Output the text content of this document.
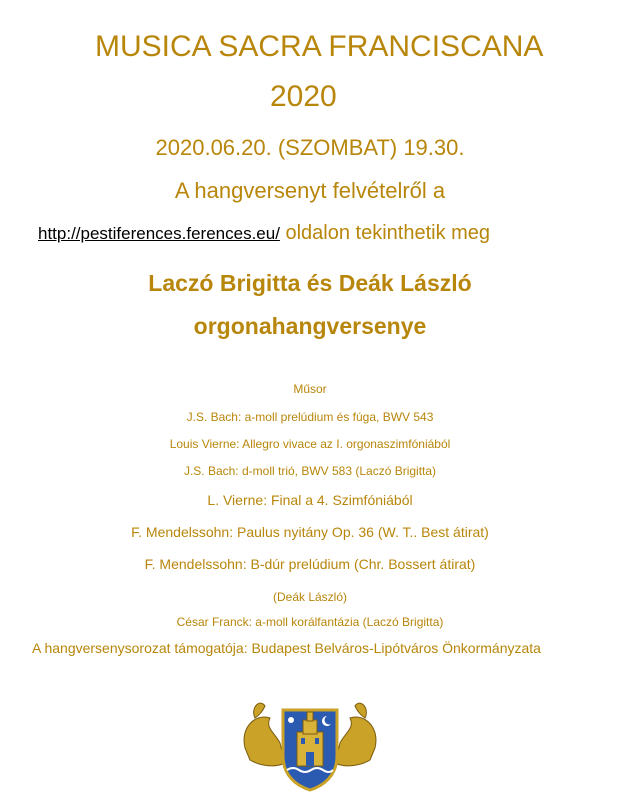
MUSICA SACRA FRANCISCANA
2020
2020.06.20. (SZOMBAT) 19.30.
A hangversenyt felvételről a
http://pestiferences.ferences.eu/ oldalon tekinthetik meg
Laczó Brigitta és Deák László
orgonahangversenye
Műsor
J.S. Bach: a-moll prelúdium és fúga, BWV 543
Louis Vierne: Allegro vivace az I. orgonaszimfóniából
J.S. Bach: d-moll trió, BWV 583 (Laczó Brigitta)
L. Vierne: Final a 4. Szimfóniából
F. Mendelssohn: Paulus nyitány Op. 36 (W. T.. Best átirat)
F. Mendelssohn: B-dúr prelúdium (Chr. Bossert átirat)
(Deák László)
César Franck: a-moll korálfantázia (Laczó Brigitta)
A hangversenysorozat támogatója: Budapest Belváros-Lipótváros Önkormányzata
